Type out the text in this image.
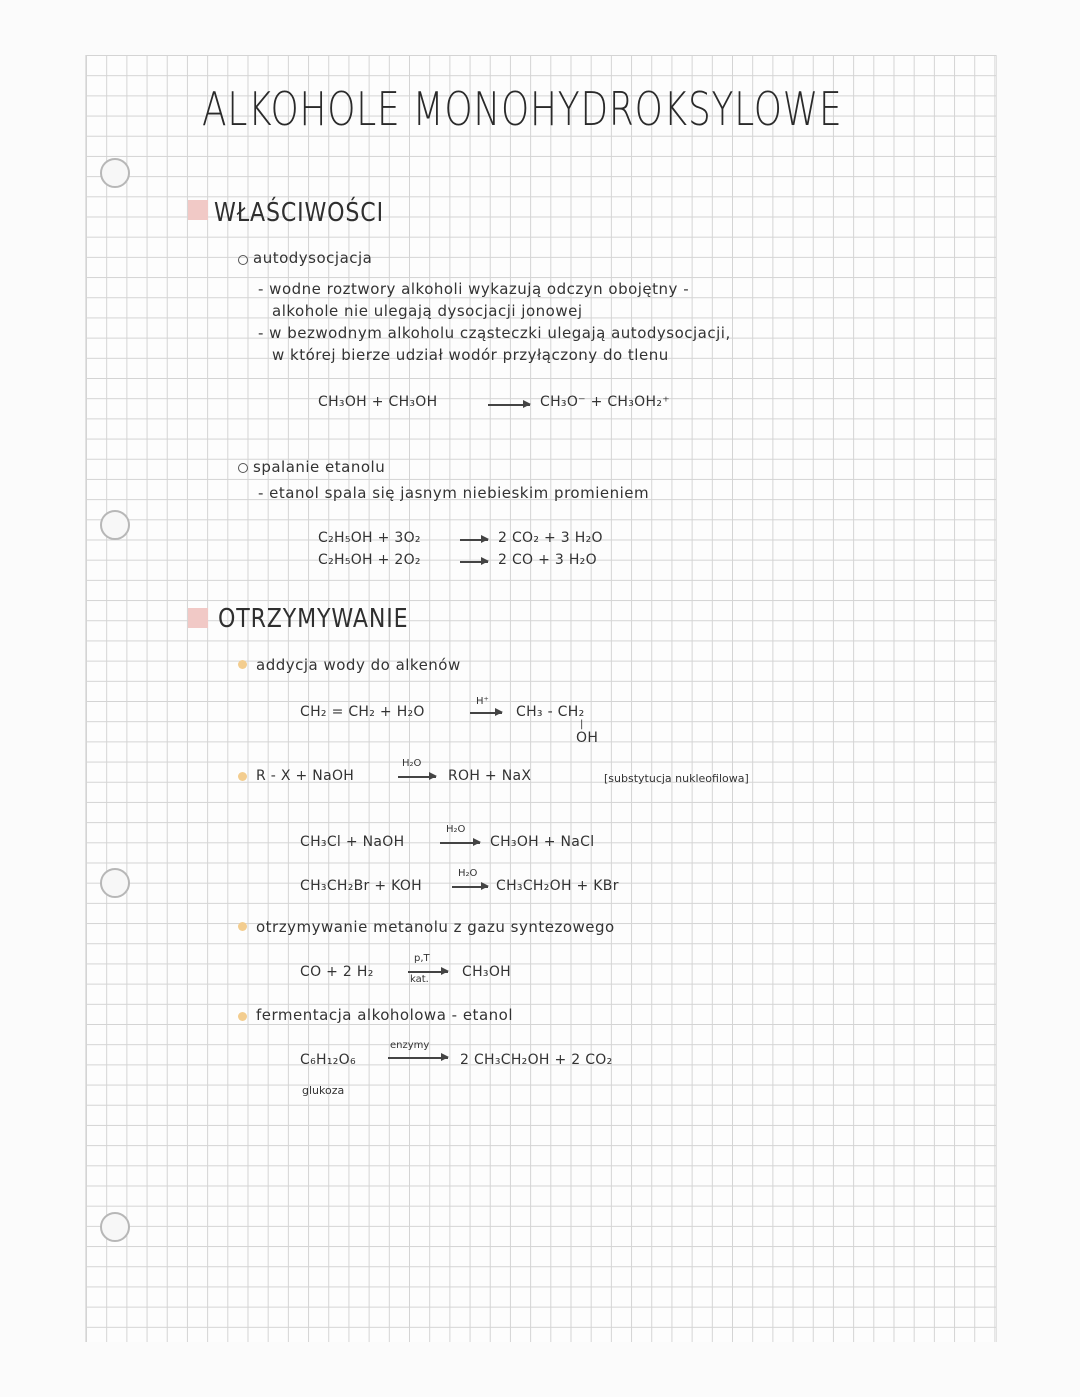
ALKOHOLE MONOHYDROKSYLOWE
WŁAŚCIWOŚCI
autodysocjacja
- wodne roztwory alkoholi wykazują odczyn obojętny -
alkohole nie ulegają dysocjacji jonowej
- w bezwodnym alkoholu cząsteczki ulegają autodysocjacji,
w której bierze udział wodór przyłączony do tlenu
CH₃OH + CH₃OH	→ CH₃O⁻ + CH₃OH₂⁺
spalanie etanolu
- etanol spala się jasnym niebieskim promieniem
C₂H₅OH + 3O₂ → 2 CO₂ + 3 H₂O
C₂H₅OH + 2O₂ → 2 CO + 3 H₂O
OTRZYMYWANIE
addycja wody do alkenów
CH₂ = CH₂ + H₂O
H⁺
→ CH₃ - CH₂
|
OH
R - X + NaOH
H₂O
→ ROH + NaX	[substytucja nukleofilowa]
CH₃Cl + NaOH
H₂O
→ CH₃OH + NaCl
CH₃CH₂Br + KOH
H₂O
→ CH₃CH₂OH + KBr
otrzymywanie metanolu z gazu syntezowego
CO + 2 H₂
p,T
kat. CH₃OH
fermentacja alkoholowa - etanol
C₆H₁₂O₆
enzymy
→ 2 CH₃CH₂OH + 2 CO₂
glukoza
